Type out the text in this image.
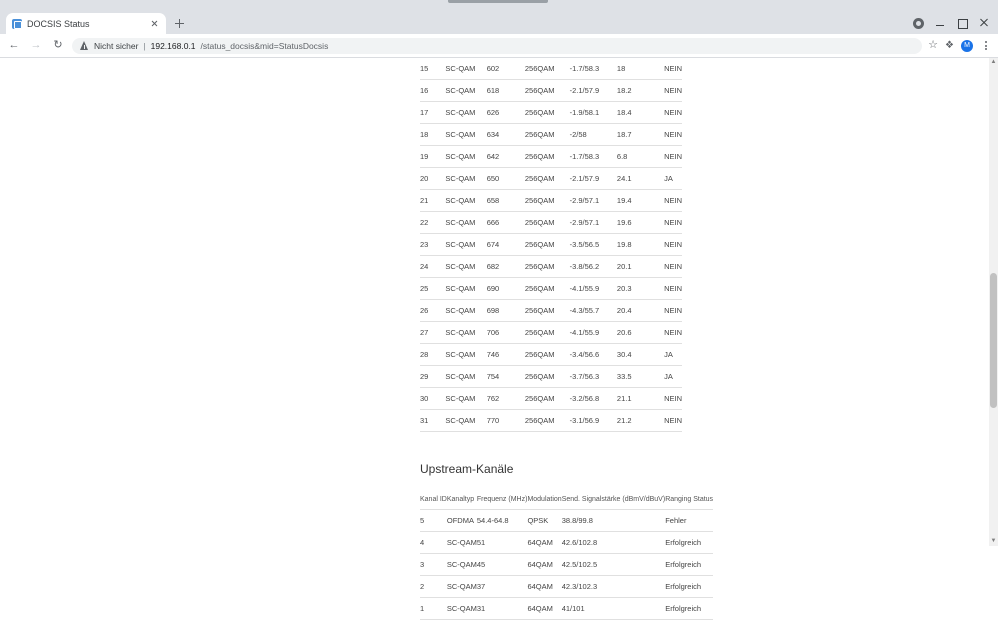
DOCSIS Status
← →	↻	Nicht sicher | 192.168.0.1 /status_docsis&mid=StatusDocsis	☆ ❖	M
15	SC-QAM	602	256QAM	-1.7/58.3	18	NEIN
16	SC-QAM	618	256QAM	-2.1/57.9	18.2	NEIN
17	SC-QAM	626	256QAM	-1.9/58.1	18.4	NEIN
18	SC-QAM	634	256QAM	-2/58	18.7	NEIN
19	SC-QAM	642	256QAM	-1.7/58.3	6.8	NEIN
20	SC-QAM	650	256QAM	-2.1/57.9	24.1	JA
21	SC-QAM	658	256QAM	-2.9/57.1	19.4	NEIN
22	SC-QAM	666	256QAM	-2.9/57.1	19.6	NEIN
23	SC-QAM	674	256QAM	-3.5/56.5	19.8	NEIN
24	SC-QAM	682	256QAM	-3.8/56.2	20.1	NEIN
25	SC-QAM	690	256QAM	-4.1/55.9	20.3	NEIN
26	SC-QAM	698	256QAM	-4.3/55.7	20.4	NEIN
27	SC-QAM	706	256QAM	-4.1/55.9	20.6	NEIN
28	SC-QAM	746	256QAM	-3.4/56.6	30.4	JA
29	SC-QAM	754	256QAM	-3.7/56.3	33.5	JA
30	SC-QAM	762	256QAM	-3.2/56.8	21.1	NEIN
31	SC-QAM	770	256QAM	-3.1/56.9	21.2	NEIN
Upstream-Kanäle
Kanal ID	Kanaltyp	Frequenz (MHz)	Modulation	Send. Signalstärke (dBmV/dBuV)	Ranging Status
5	OFDMA	54.4-64.8	QPSK	38.8/99.8	Fehler
4	SC-QAM	51	64QAM	42.6/102.8	Erfolgreich
3	SC-QAM	45	64QAM	42.5/102.5	Erfolgreich
2	SC-QAM	37	64QAM	42.3/102.3	Erfolgreich
1	SC-QAM	31	64QAM	41/101	Erfolgreich
▲
▼
